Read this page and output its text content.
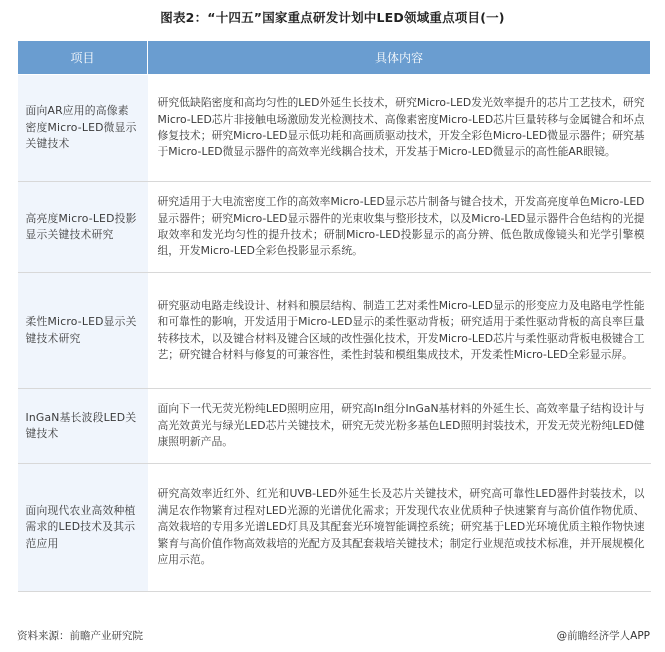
图表2：“十四五”国家重点研发计划中LED领域重点项目(一)
项目	具体内容
面向AR应用的高像素密度Micro-LED微显示关键技术	研究低缺陷密度和高均匀性的LED外延生长技术，研究Micro-LED发光效率提升的芯片工艺技术，研究Micro-LED芯片非接触电场激励发光检测技术、高像素密度Micro-LED芯片巨量转移与金属键合和坏点修复技术；研究Micro-LED显示低功耗和高画质驱动技术，开发全彩色Micro-LED微显示器件；研究基于Micro-LED微显示器件的高效率光线耦合技术，开发基于Micro-LED微显示的高性能AR眼镜。
高亮度Micro-LED投影显示关键技术研究	研究适用于大电流密度工作的高效率Micro-LED显示芯片制备与键合技术，开发高亮度单色Micro-LED显示器件；研究Micro-LED显示器件的光束收集与整形技术，以及Micro-LED显示器件合色结构的光提取效率和发光均匀性的提升技术；研制Micro-LED投影显示的高分辨、低色散成像镜头和光学引擎模组，开发Micro-LED全彩色投影显示系统。
柔性Micro-LED显示关键技术研究	研究驱动电路走线设计、材料和膜层结构、制造工艺对柔性Micro-LED显示的形变应力及电路电学性能和可靠性的影响，开发适用于Micro-LED显示的柔性驱动背板；研究适用于柔性驱动背板的高良率巨量转移技术，以及键合材料及键合区域的改性强化技术，开发Micro-LED芯片与柔性驱动背板电极键合工艺；研究键合材料与修复的可兼容性，柔性封装和模组集成技术，开发柔性Micro-LED全彩显示屏。
InGaN基长波段LED关键技术	面向下一代无荧光粉纯LED照明应用，研究高In组分InGaN基材料的外延生长、高效率量子结构设计与高光效黄光与绿光LED芯片关键技术，研究无荧光粉多基色LED照明封装技术，开发无荧光粉纯LED健康照明新产品。
面向现代农业高效种植需求的LED技术及其示范应用	研究高效率近红外、红光和UVB-LED外延生长及芯片关键技术，研究高可靠性LED器件封装技术，以满足农作物繁育过程对LED光源的光谱优化需求；开发现代农业优质种子快速繁育与高价值作物优质、高效栽培的专用多光谱LED灯具及其配套光环境智能调控系统；研究基于LED光环境优质主粮作物快速繁育与高价值作物高效栽培的光配方及其配套栽培关键技术；制定行业规范或技术标准，并开展规模化应用示范。
资料来源：前瞻产业研究院	@前瞻经济学人APP
